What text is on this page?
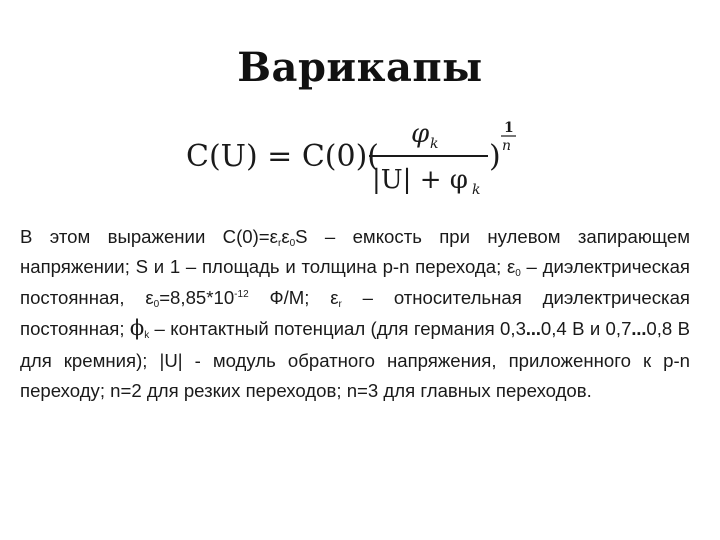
Варикапы
C(U) = C(0)(
φ k
|U| + φ k
)
1
n
В этом выражении $С(0)=\varepsilon_r\varepsilon_0S$ – емкость при нулевом запирающем напряжении; S и 1 – площадь и толщина p-n перехода; $\varepsilon_0$ – диэлектрическая постоянная, $\varepsilon_0=8,85*10^{-12}$ Ф/М; $\varepsilon_r$ – относительная диэлектрическая постоянная; $\phi_k$ – контактный потенциал (для германия 0,3…0,4 В и 0,7…0,8 В для кремния); |U| - модуль обратного напряжения, приложенного к p-n переходу; n=2 для резких переходов; n=3 для главных переходов.
